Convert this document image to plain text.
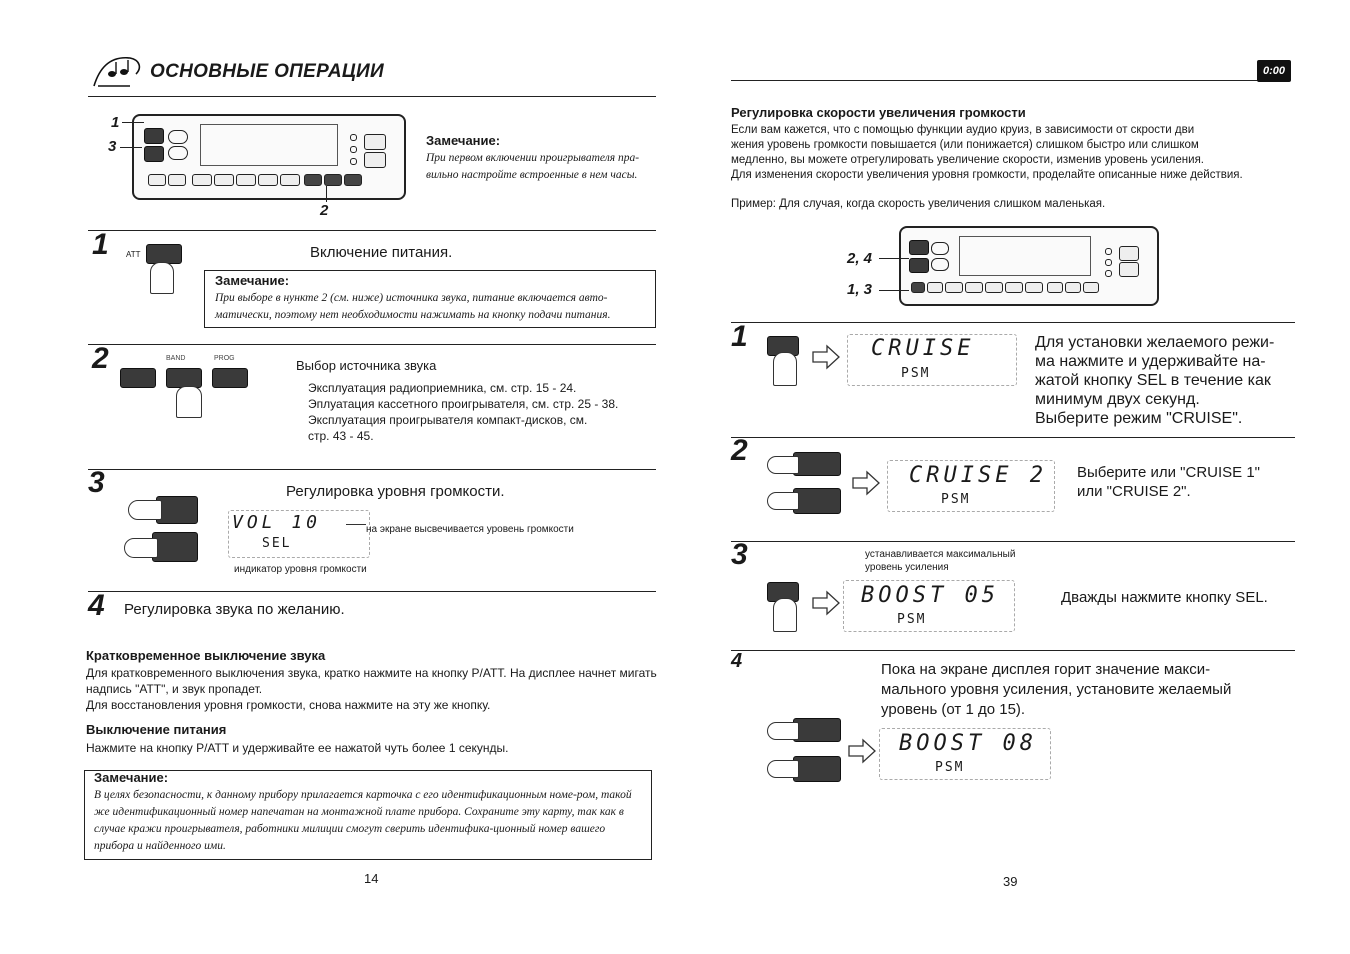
ОСНОВНЫЕ ОПЕРАЦИИ
1
3
2
Замечание:
При первом включении проигрывателя пра-вильно настройте встроенные в нем часы.
1 ATT	Включение питания.
Замечание:
При выборе в нункте 2 (см. ниже) источника звука, питание включается авто-матически, поэтому нет необходимости нажимать на кнопку подачи питания.
2	BAND	PROG	Выбор источника звука
Эксплуатация радиоприемника, см. стр. 15 - 24.
Эплуатация кассетного проигрывателя, см. стр. 25 - 38.
Эксплуатация проигрывателя компакт-дисков, см.
стр. 43 - 45.
3	Регулировка уровня громкости.
VOL 10
SEL
на экране высвечивается уровень громкости
индикатор уровня громкости
4 Регулировка звука по желанию.
Кратковременное выключение звука
Для кратковременного выключения звука, кратко нажмите на кнопку P/ATT. На дисплее начнет мигать надпись "ATT", и звук пропадет.
Для восстановления уровня громкости, снова нажмите на эту же кнопку.
Выключение питания
Нажмите на кнопку P/ATT и удерживайте ее нажатой чуть более 1 секунды.
Замечание:
В целях безопасности, к данному прибору прилагается карточка с его идентификационным номе-ром, такой же идентификационный номер напечатан на монтажной плате прибора. Сохраните эту карту, так как в случае кражи проигрывателя, работники милиции смогут сверить идентифика-ционный номер вашего прибора и найденного ими.
14
0:00
Регулировка скорости увеличения громкости
Если вам кажется, что с помощью функции аудио круиз, в зависимости от скрости дви
жения уровень громкости повышается (или понижается) слишком быстро или слишком
медленно, вы можете отрегулировать увеличение скорости, изменив уровень усиления.
Для изменения скорости увеличения уровня громкости, проделайте описанные ниже действия.
Пример: Для случая, когда скорость увеличения слишком маленькая.
2, 4
1, 3
1	CRUISE
PSM
Для установки желаемого режи-
ма нажмите и удерживайте на-
жатой кнопку SEL в течение как
минимум двух секунд.
Выберите режим "CRUISE".
2
CRUISE 2
PSM
Выберите или "CRUISE 1"
или "CRUISE 2".
3	устанавливается максимальный уровень усиления
BOOST 05
PSM
Дважды нажмите кнопку SEL.
4	Пока на экране дисплея горит значение макси-
мального уровня усиления, установите желаемый
уровень (от 1 до 15).
BOOST 08
PSM
39
